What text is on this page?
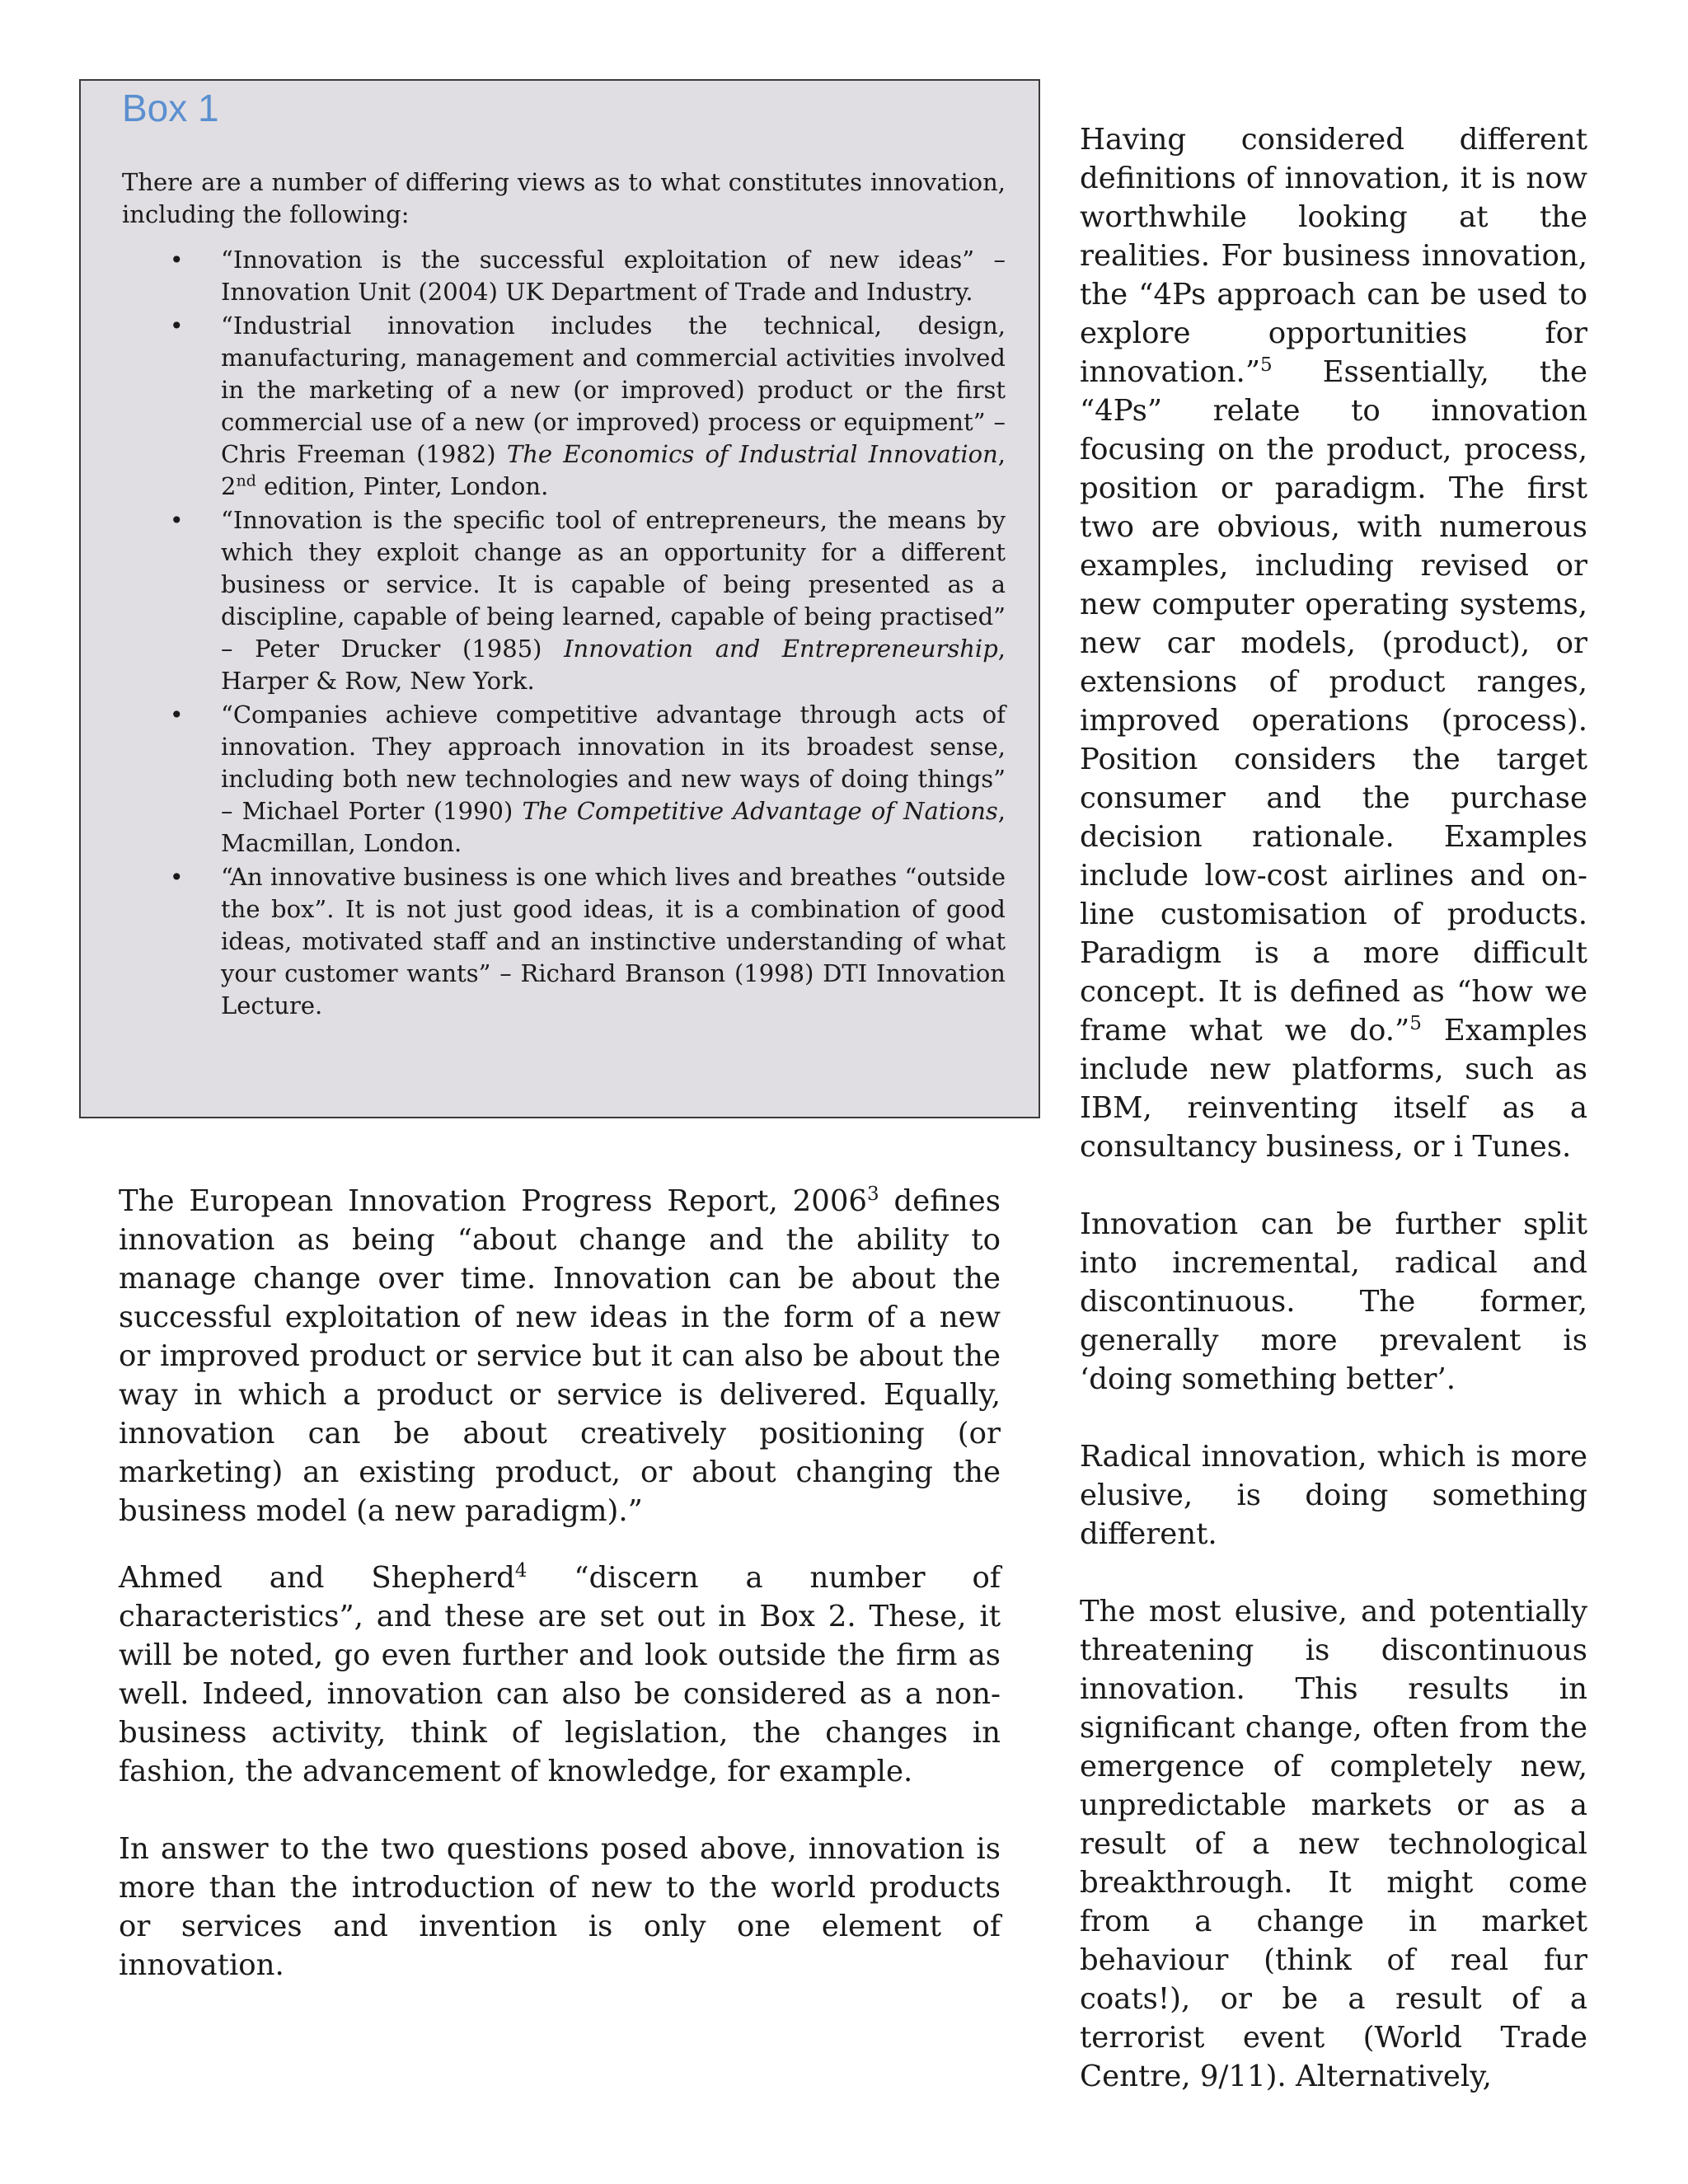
Box 1

There are a number of differing views as to what constitutes innovation, including the following:

• “Innovation is the successful exploitation of new ideas” – Innovation Unit (2004) UK Department of Trade and Industry.
• “Industrial innovation includes the technical, design, manufacturing, management and commercial activities involved in the marketing of a new (or improved) product or the first commercial use of a new (or improved) process or equipment” – Chris Freeman (1982) The Economics of Industrial Innovation, 2nd edition, Pinter, London.
• “Innovation is the specific tool of entrepreneurs, the means by which they exploit change as an opportunity for a different business or service. It is capable of being presented as a discipline, capable of being learned, capable of being practised” – Peter Drucker (1985) Innovation and Entrepreneurship, Harper & Row, New York.
• “Companies achieve competitive advantage through acts of innovation. They approach innovation in its broadest sense, including both new technologies and new ways of doing things” – Michael Porter (1990) The Competitive Advantage of Nations, Macmillan, London.
• “An innovative business is one which lives and breathes “outside the box”. It is not just good ideas, it is a combination of good ideas, motivated staff and an instinctive understanding of what your customer wants” – Richard Branson (1998) DTI Innovation Lecture.

Having considered different definitions of innovation, it is now worthwhile looking at the realities. For business innovation, the “4Ps approach can be used to explore opportunities for innovation.”$^5$ Essentially, the “4Ps” relate to innovation focusing on the product, process, position or paradigm. The first two are obvious, with numerous examples, including revised or new computer operating systems, new car models, (product), or extensions of product ranges, improved operations (process). Position considers the target consumer and the purchase decision rationale. Examples include low-cost airlines and on-line customisation of products. Paradigm is a more difficult concept. It is defined as “how we frame what we do.”$^5$ Examples include new platforms, such as IBM, reinventing itself as a consultancy business, or i Tunes.

Innovation can be further split into incremental, radical and discontinuous. The former, generally more prevalent is ‘doing something better’.

Radical innovation, which is more elusive, is doing something different.

The most elusive, and potentially threatening is discontinuous innovation. This results in significant change, often from the emergence of completely new, unpredictable markets or as a result of a new technological breakthrough. It might come from a change in market behaviour (think of real fur coats!), or be a result of a terrorist event (World Trade Centre, 9/11). Alternatively,

The European Innovation Progress Report, 2006$^3$ defines innovation as being “about change and the ability to manage change over time. Innovation can be about the successful exploitation of new ideas in the form of a new or improved product or service but it can also be about the way in which a product or service is delivered. Equally, innovation can be about creatively positioning (or marketing) an existing product, or about changing the business model (a new paradigm).”

Ahmed and Shepherd$^4$ “discern a number of characteristics”, and these are set out in Box 2. These, it will be noted, go even further and look outside the firm as well. Indeed, innovation can also be considered as a non-business activity, think of legislation, the changes in fashion, the advancement of knowledge, for example.

In answer to the two questions posed above, innovation is more than the introduction of new to the world products or services and invention is only one element of innovation.
